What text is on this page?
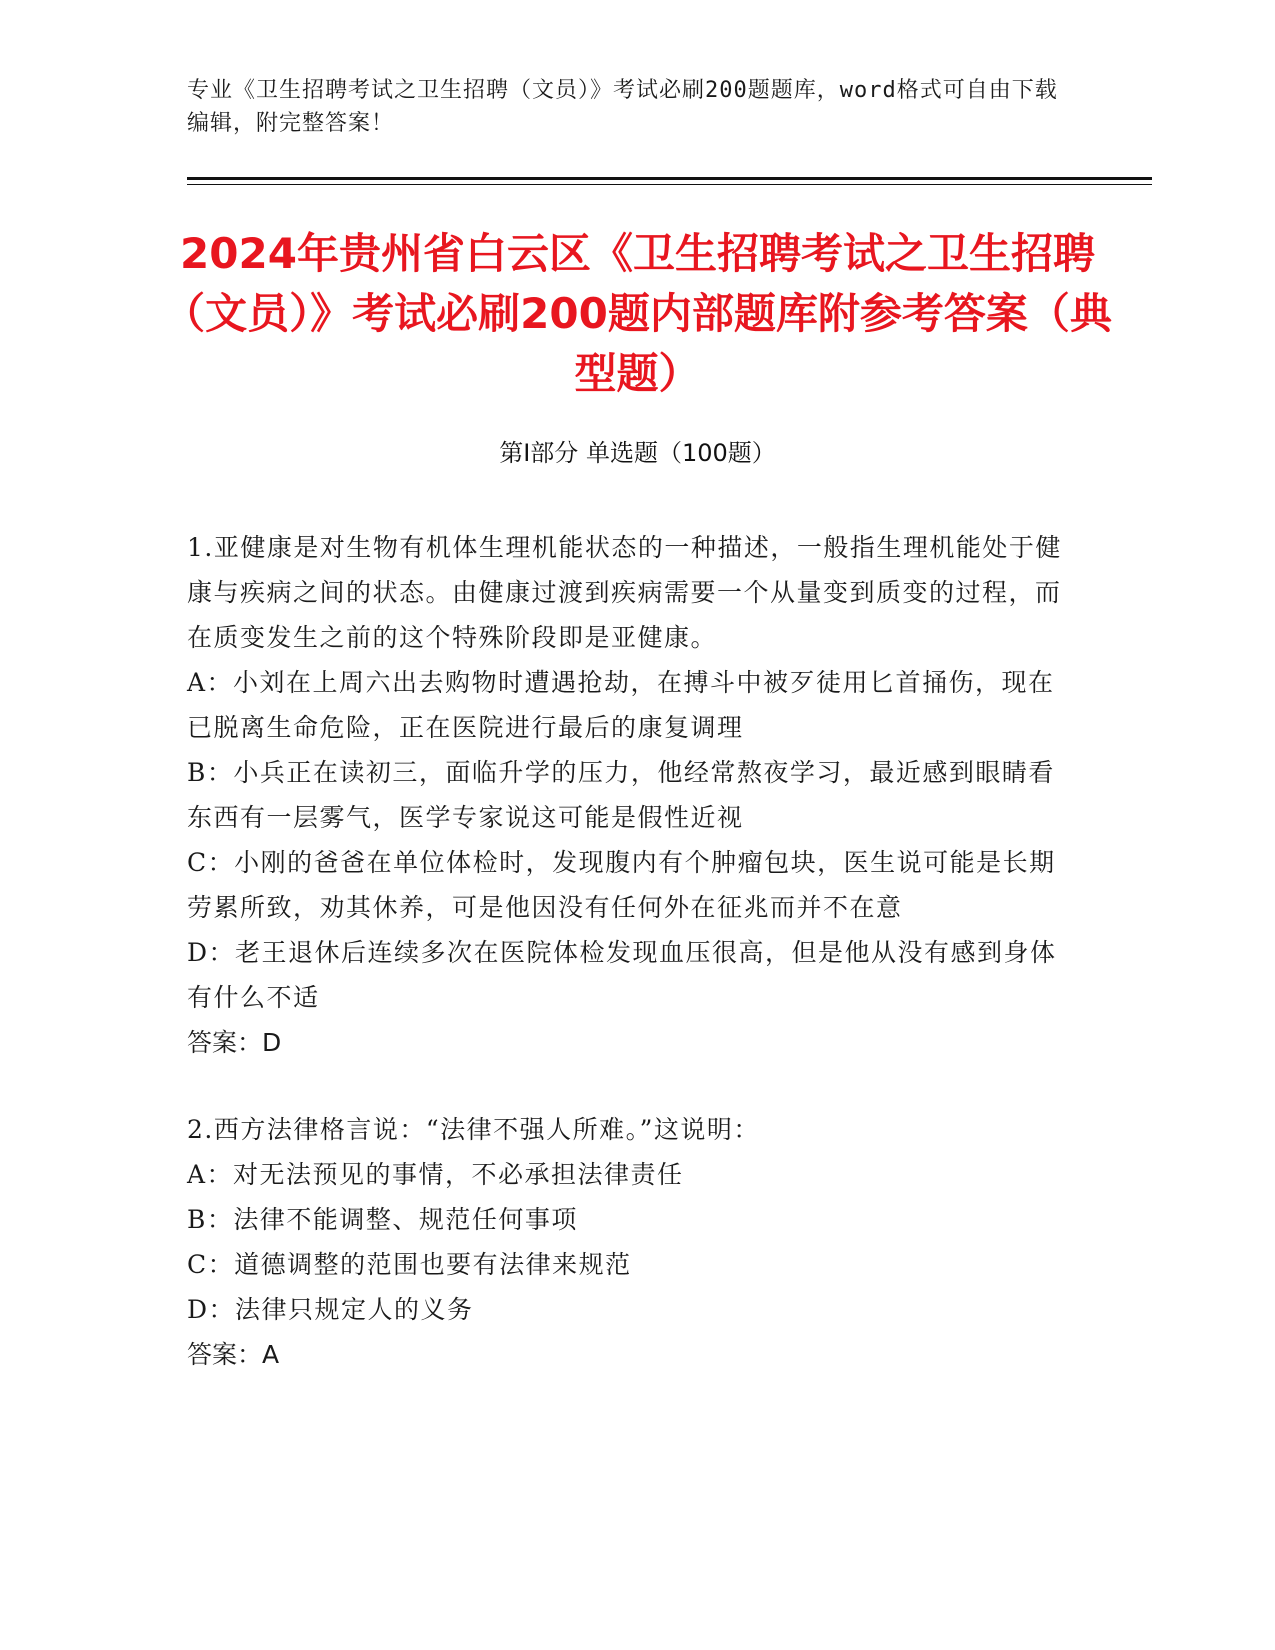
专业《卫生招聘考试之卫生招聘（文员）》考试必刷200题题库，word格式可自由下载编辑，附完整答案！
2024年贵州省白云区《卫生招聘考试之卫生招聘（文员）》考试必刷200题内部题库附参考答案（典型题）
第Ⅰ部分 单选题（100题）

1.亚健康是对生物有机体生理机能状态的一种描述，一般指生理机能处于健康与疾病之间的状态。由健康过渡到疾病需要一个从量变到质变的过程，而在质变发生之前的这个特殊阶段即是亚健康。

A：小刘在上周六出去购物时遭遇抢劫，在搏斗中被歹徒用匕首捅伤，现在已脱离生命危险，正在医院进行最后的康复调理

B：小兵正在读初三，面临升学的压力，他经常熬夜学习，最近感到眼睛看东西有一层雾气，医学专家说这可能是假性近视

C：小刚的爸爸在单位体检时，发现腹内有个肿瘤包块，医生说可能是长期劳累所致，劝其休养，可是他因没有任何外在征兆而并不在意

D：老王退休后连续多次在医院体检发现血压很高，但是他从没有感到身体有什么不适

答案：D

2.西方法律格言说：“法律不强人所难。”这说明：

A：对无法预见的事情，不必承担法律责任

B：法律不能调整、规范任何事项

C：道德调整的范围也要有法律来规范

D：法律只规定人的义务

答案：A
